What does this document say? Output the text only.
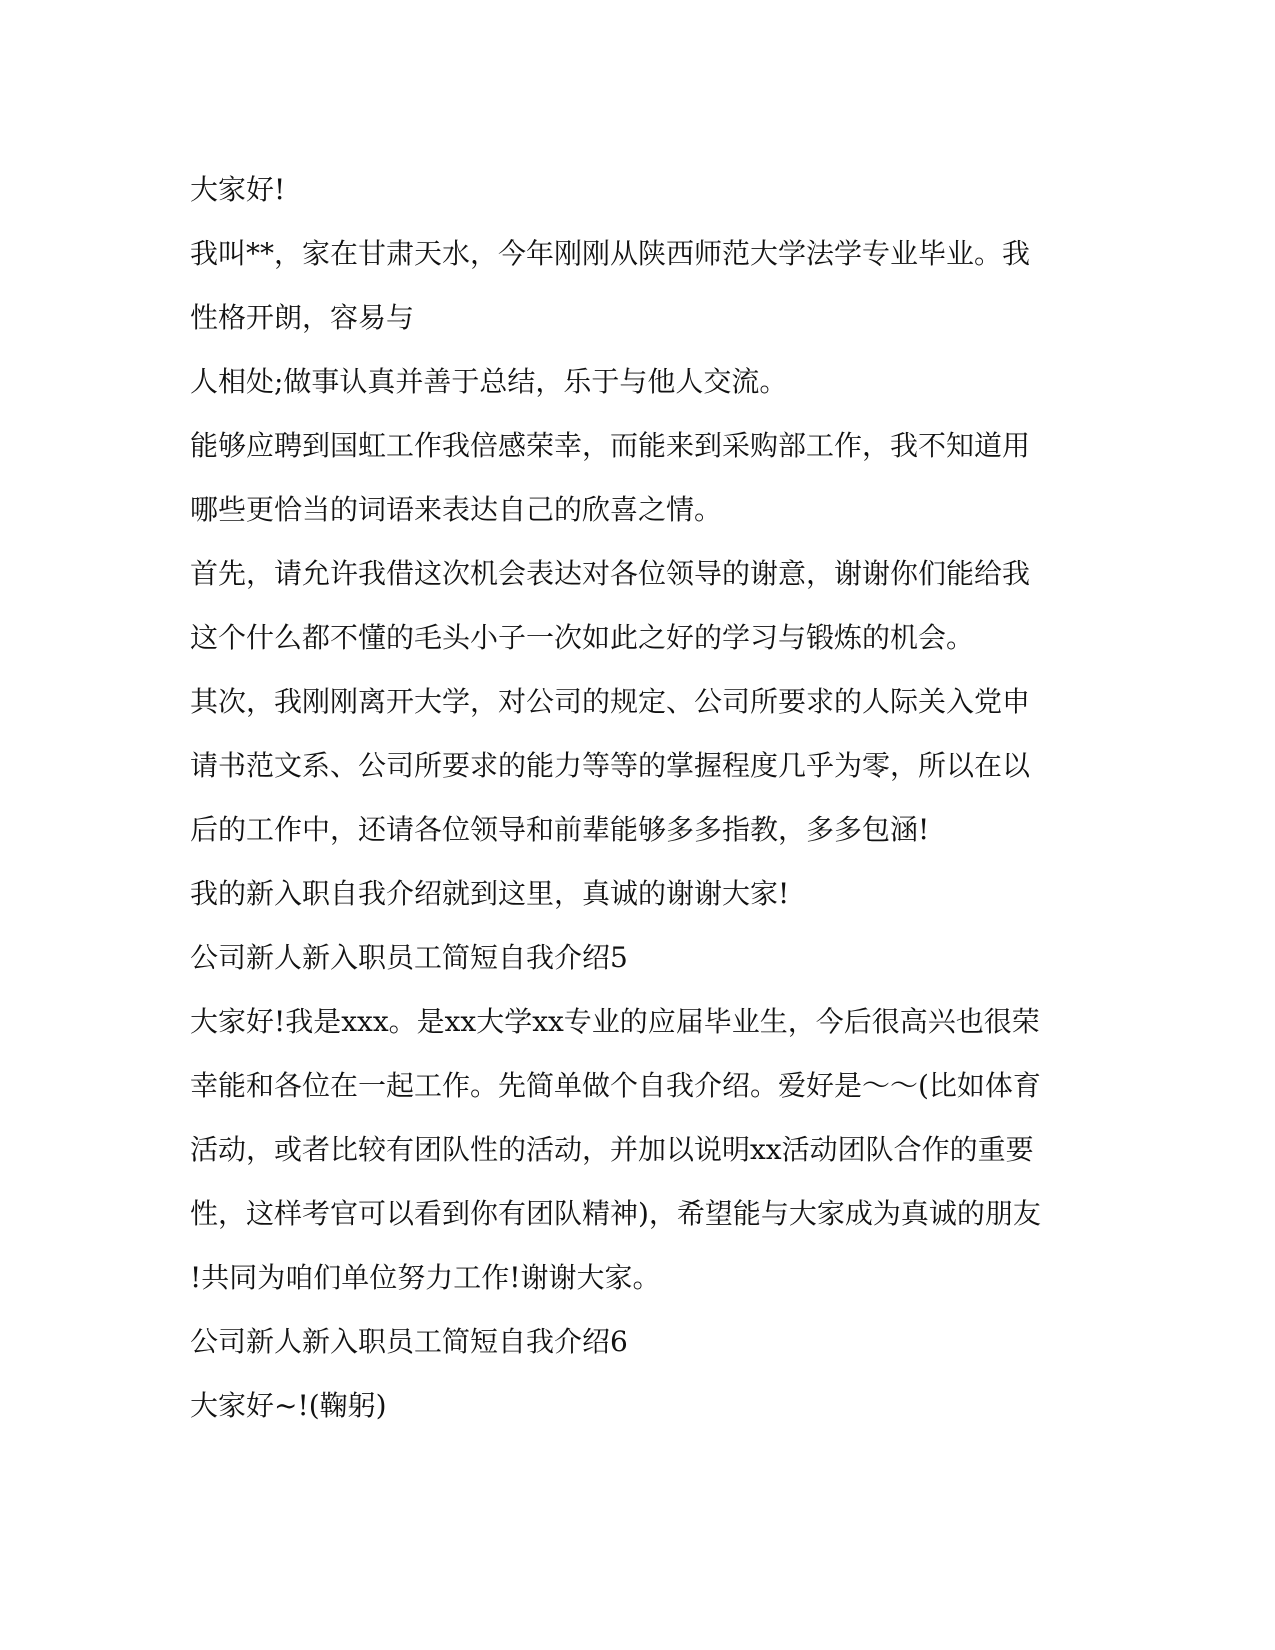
大家好!
我叫**，家在甘肃天水，今年刚刚从陕西师范大学法学专业毕业。我
性格开朗，容易与
人相处;做事认真并善于总结，乐于与他人交流。
能够应聘到国虹工作我倍感荣幸，而能来到采购部工作，我不知道用
哪些更恰当的词语来表达自己的欣喜之情。
首先，请允许我借这次机会表达对各位领导的谢意，谢谢你们能给我
这个什么都不懂的毛头小子一次如此之好的学习与锻炼的机会。
其次，我刚刚离开大学，对公司的规定、公司所要求的人际关入党申
请书范文系、公司所要求的能力等等的掌握程度几乎为零，所以在以
后的工作中，还请各位领导和前辈能够多多指教，多多包涵!
我的新入职自我介绍就到这里，真诚的谢谢大家!
公司新人新入职员工简短自我介绍5
大家好!我是xxx。是xx大学xx专业的应届毕业生，今后很高兴也很荣
幸能和各位在一起工作。先简单做个自我介绍。爱好是～～(比如体育
活动，或者比较有团队性的活动，并加以说明xx活动团队合作的重要
性，这样考官可以看到你有团队精神)，希望能与大家成为真诚的朋友
!共同为咱们单位努力工作!谢谢大家。
公司新人新入职员工简短自我介绍6
大家好~!(鞠躬)
